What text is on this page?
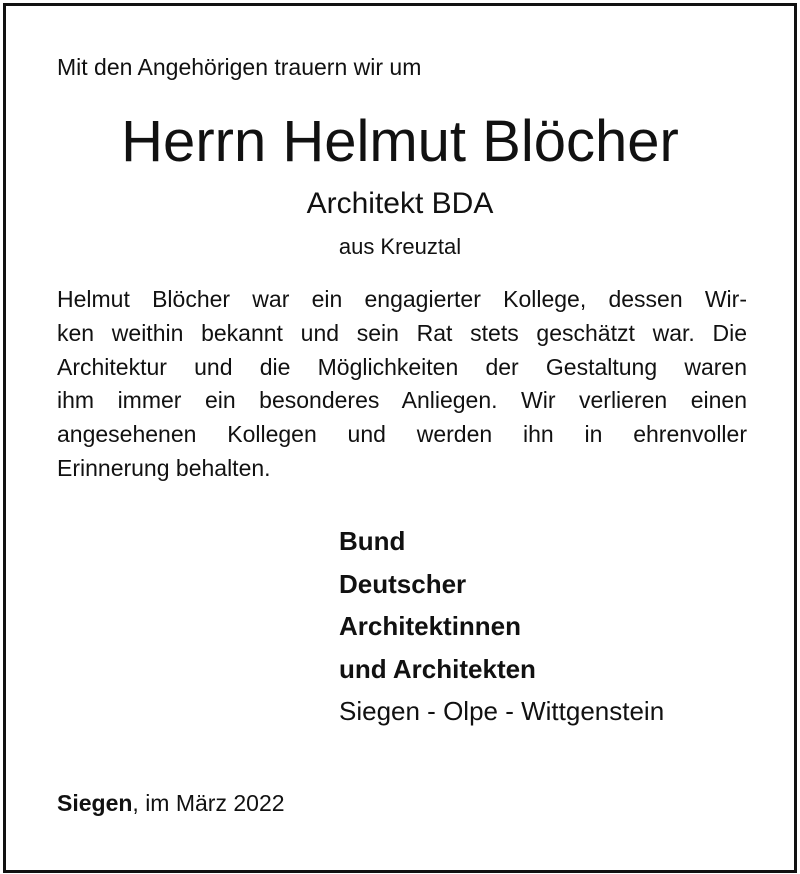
Mit den Angehörigen trauern wir um
Herrn Helmut Blöcher
Architekt BDA
aus Kreuztal
Helmut Blöcher war ein engagierter Kollege, dessen Wir-
ken weithin bekannt und sein Rat stets geschätzt war. Die
Architektur und die Möglichkeiten der Gestaltung waren
ihm immer ein besonderes Anliegen. Wir verlieren einen
angesehenen Kollegen und werden ihn in ehrenvoller
Erinnerung behalten.
Bund
Deutscher
Architektinnen
und Architekten
Siegen - Olpe - Wittgenstein
Siegen, im März 2022
